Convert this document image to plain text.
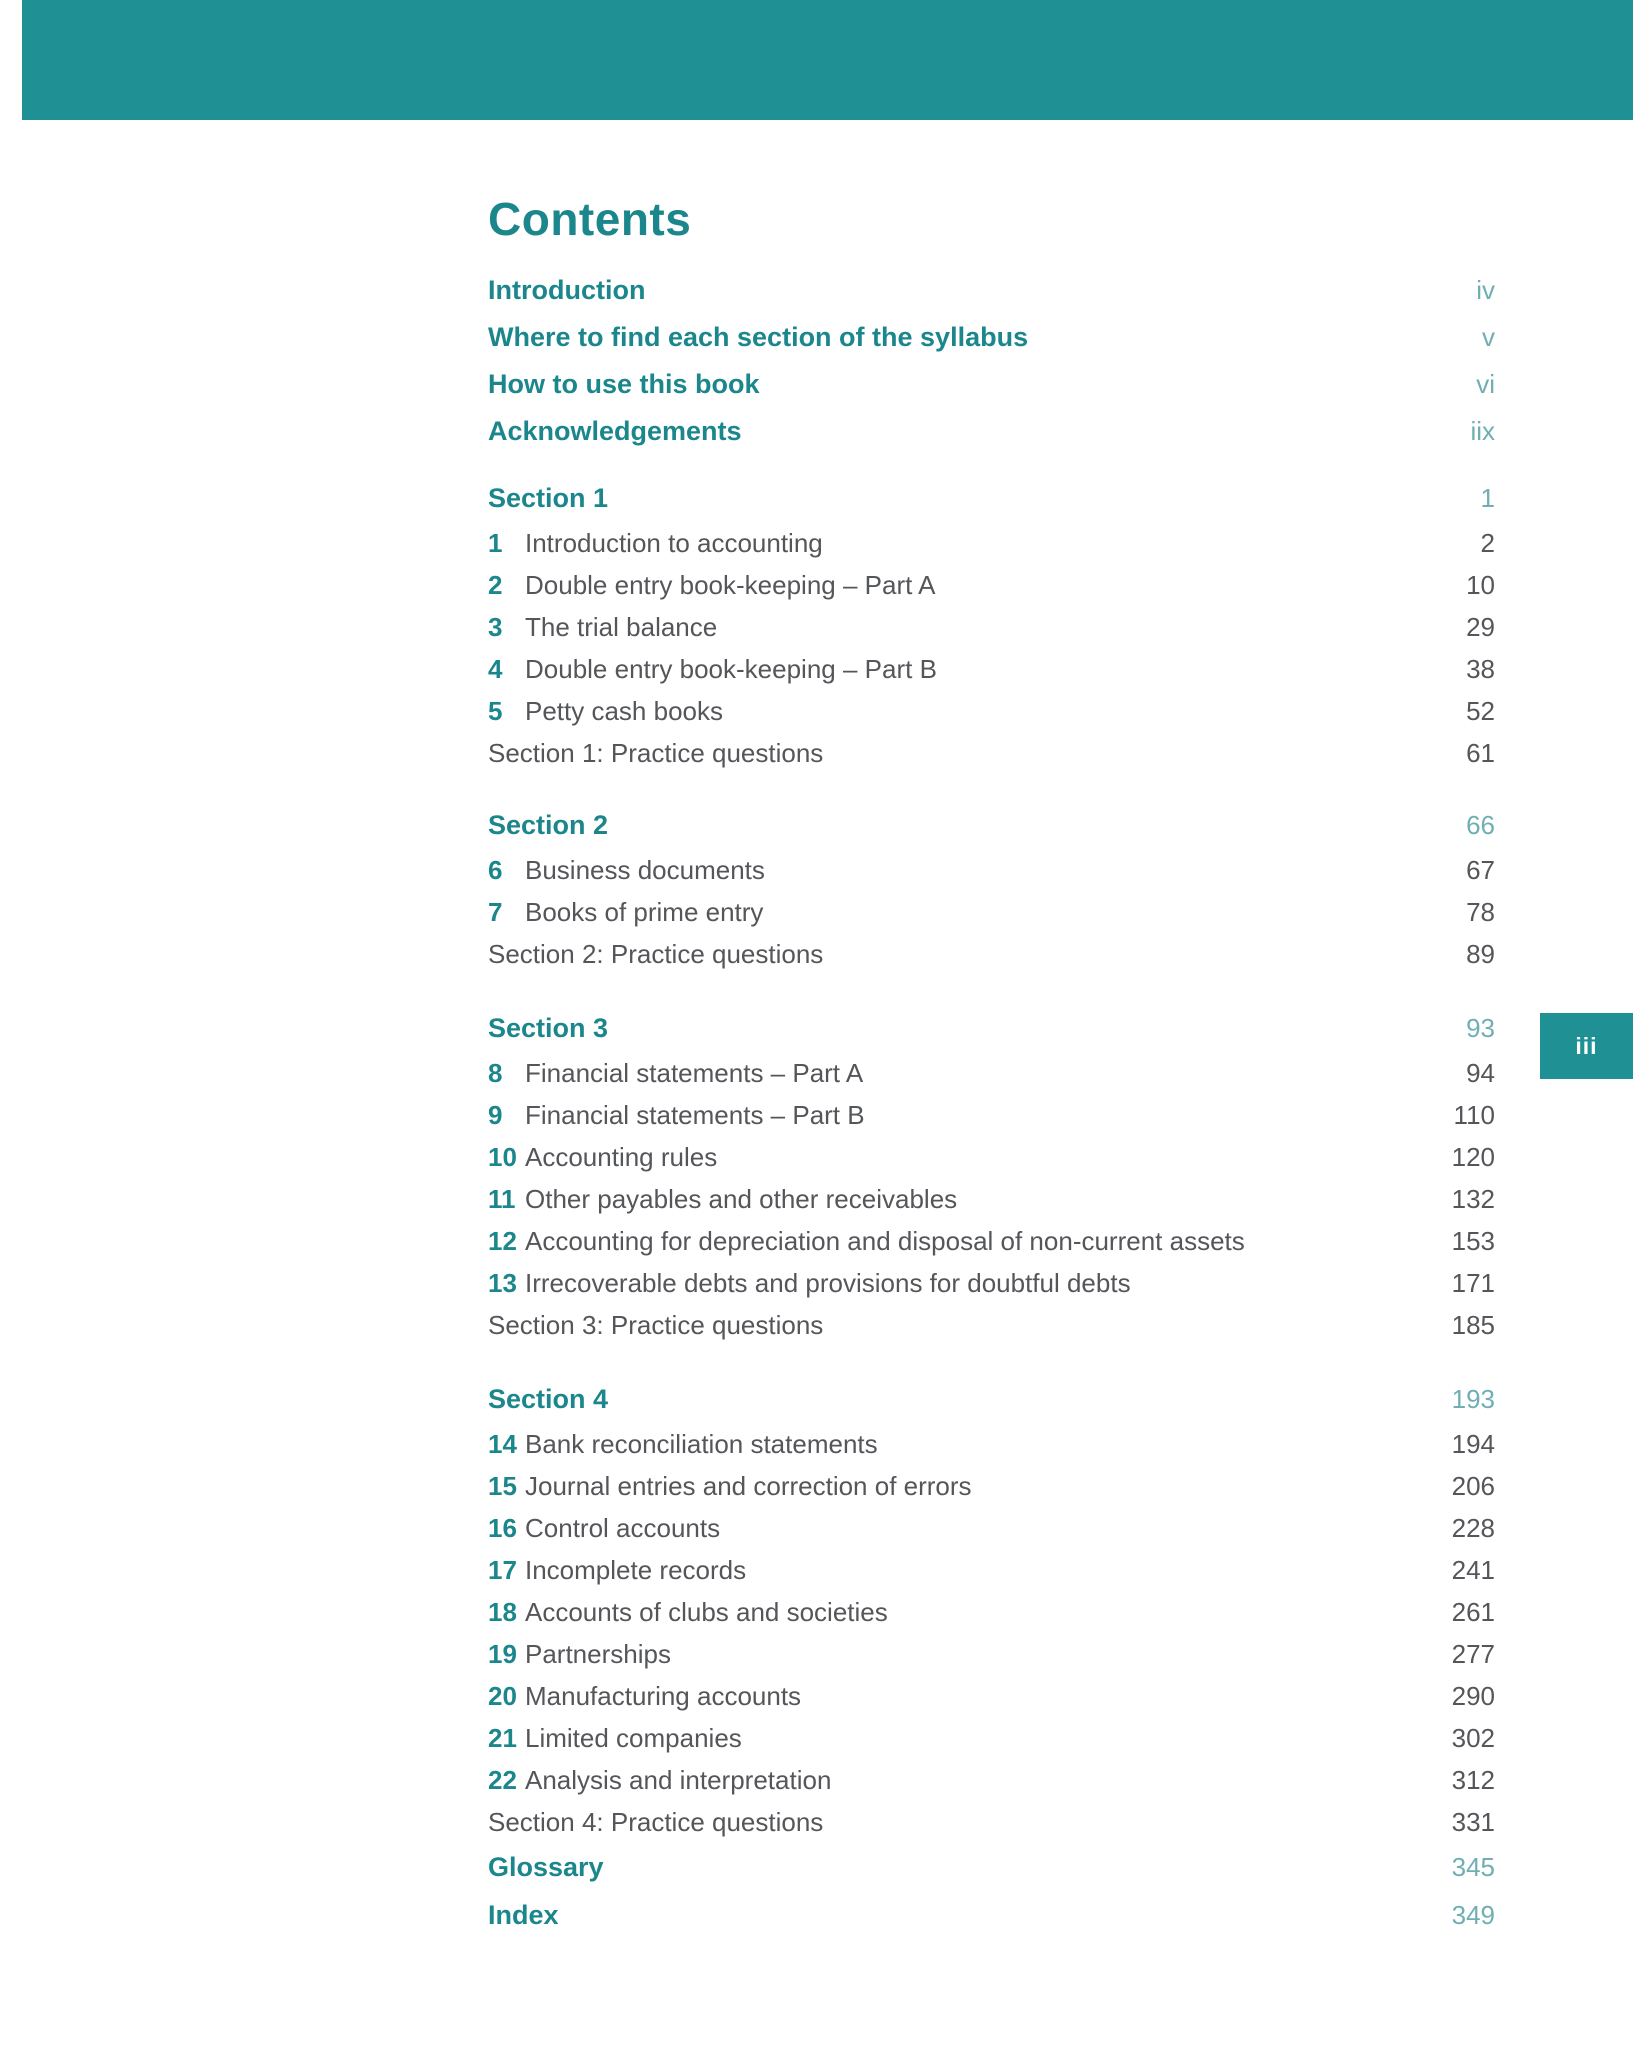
iii
Contents
Introduction	iv
Where to find each section of the syllabus	v
How to use this book	vi
Acknowledgements	iix
Section 1	1
1 Introduction to accounting	2
2 Double entry book-keeping – Part A	10
3 The trial balance	29
4 Double entry book-keeping – Part B	38
5 Petty cash books	52
Section 1: Practice questions	61
Section 2	66
6 Business documents	67
7 Books of prime entry	78
Section 2: Practice questions	89
Section 3	93
8 Financial statements – Part A	94
9 Financial statements – Part B	110
10 Accounting rules	120
11 Other payables and other receivables	132
12 Accounting for depreciation and disposal of non-current assets	153
13 Irrecoverable debts and provisions for doubtful debts	171
Section 3: Practice questions	185
Section 4	193
14 Bank reconciliation statements	194
15 Journal entries and correction of errors	206
16 Control accounts	228
17 Incomplete records	241
18 Accounts of clubs and societies	261
19 Partnerships	277
20 Manufacturing accounts	290
21 Limited companies	302
22 Analysis and interpretation	312
Section 4: Practice questions	331
Glossary	345
Index	349
